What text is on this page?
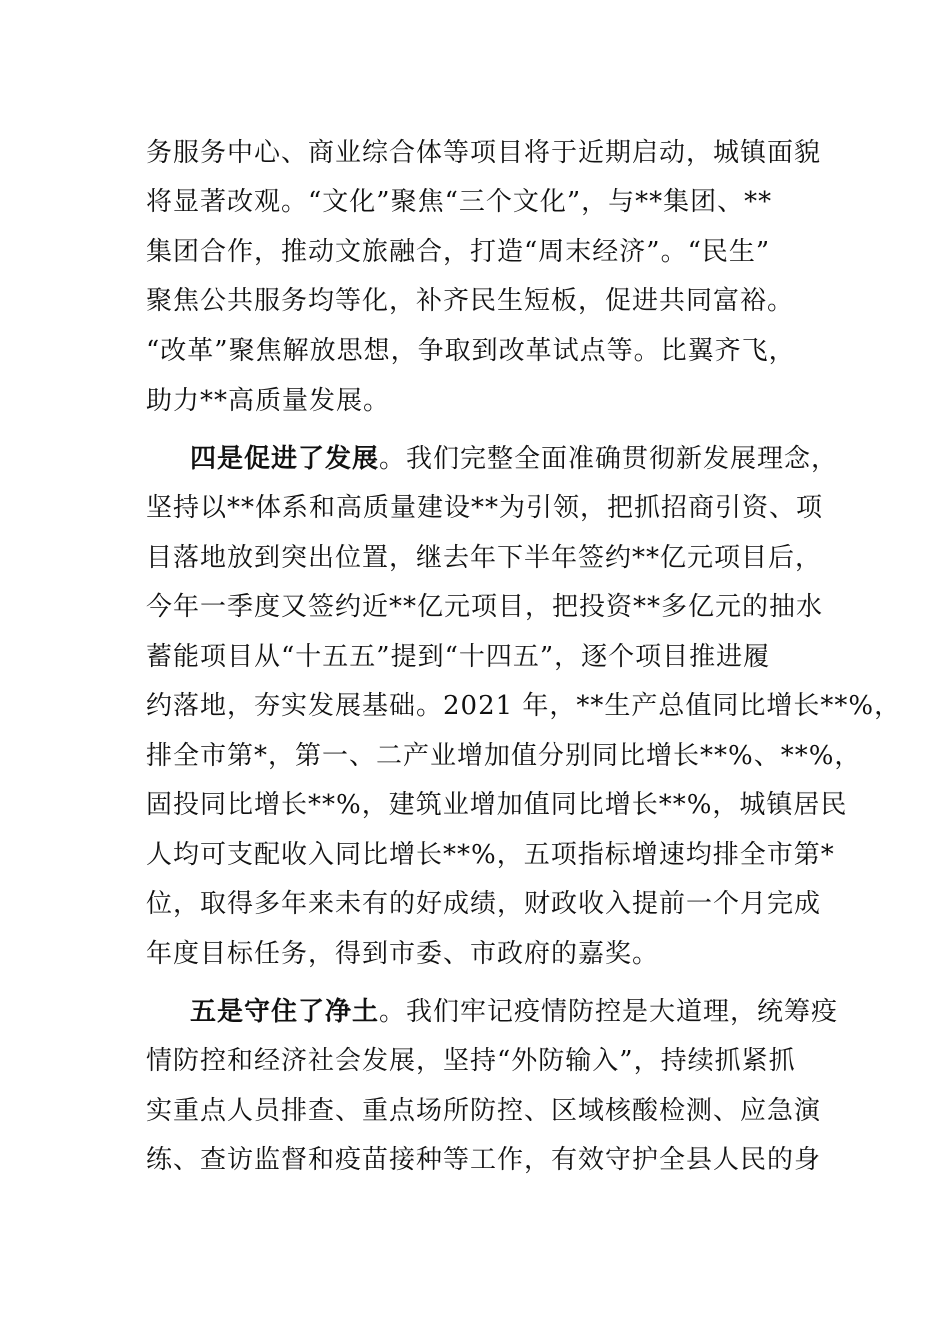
务服务中心、商业综合体等项目将于近期启动，城镇面貌
将显著改观。“文化”聚焦“三个文化”，与**集团、**
集团合作，推动文旅融合，打造“周末经济”。“民生”
聚焦公共服务均等化，补齐民生短板，促进共同富裕。
“改革”聚焦解放思想，争取到改革试点等。比翼齐飞，
助力**高质量发展。
四是促进了发展。我们完整全面准确贯彻新发展理念，
坚持以**体系和高质量建设**为引领，把抓招商引资、项
目落地放到突出位置，继去年下半年签约**亿元项目后，
今年一季度又签约近**亿元项目，把投资**多亿元的抽水
蓄能项目从“十五五”提到“十四五”，逐个项目推进履
约落地，夯实发展基础。2021 年，**生产总值同比增长**%，
排全市第*，第一、二产业增加值分别同比增长**%、**%，
固投同比增长**%，建筑业增加值同比增长**%，城镇居民
人均可支配收入同比增长**%，五项指标增速均排全市第*
位，取得多年来未有的好成绩，财政收入提前一个月完成
年度目标任务，得到市委、市政府的嘉奖。
五是守住了净土。我们牢记疫情防控是大道理，统筹疫
情防控和经济社会发展，坚持“外防输入”，持续抓紧抓
实重点人员排查、重点场所防控、区域核酸检测、应急演
练、查访监督和疫苗接种等工作，有效守护全县人民的身
